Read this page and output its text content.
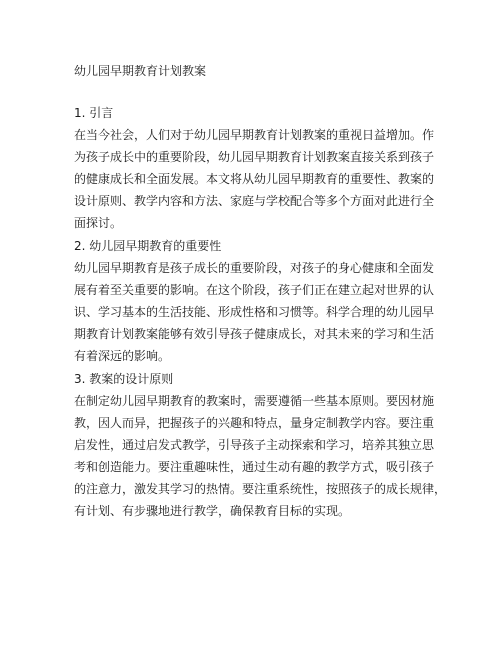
幼儿园早期教育计划教案
1. 引言
在当今社会，人们对于幼儿园早期教育计划教案的重视日益增加。作
为孩子成长中的重要阶段，幼儿园早期教育计划教案直接关系到孩子
的健康成长和全面发展。本文将从幼儿园早期教育的重要性、教案的
设计原则、教学内容和方法、家庭与学校配合等多个方面对此进行全
面探讨。
2. 幼儿园早期教育的重要性
幼儿园早期教育是孩子成长的重要阶段，对孩子的身心健康和全面发
展有着至关重要的影响。在这个阶段，孩子们正在建立起对世界的认
识、学习基本的生活技能、形成性格和习惯等。科学合理的幼儿园早
期教育计划教案能够有效引导孩子健康成长，对其未来的学习和生活
有着深远的影响。
3. 教案的设计原则
在制定幼儿园早期教育的教案时，需要遵循一些基本原则。要因材施
教，因人而异，把握孩子的兴趣和特点，量身定制教学内容。要注重
启发性，通过启发式教学，引导孩子主动探索和学习，培养其独立思
考和创造能力。要注重趣味性，通过生动有趣的教学方式，吸引孩子
的注意力，激发其学习的热情。要注重系统性，按照孩子的成长规律，
有计划、有步骤地进行教学，确保教育目标的实现。
